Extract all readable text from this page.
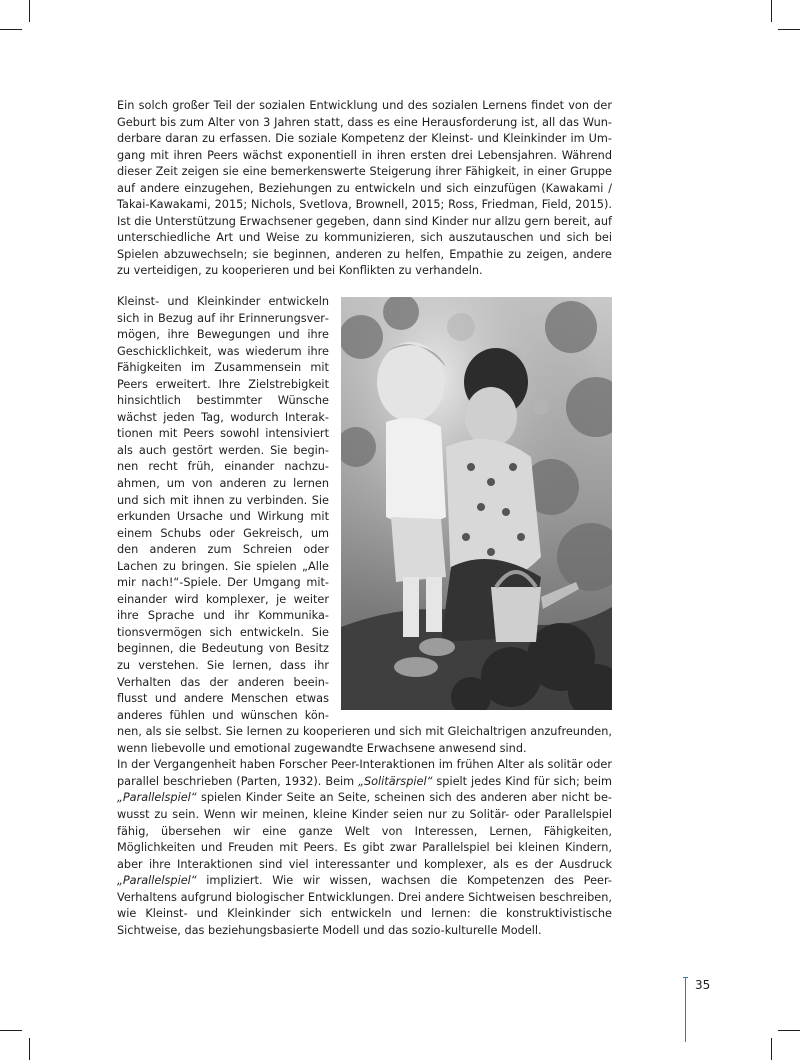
Ein solch großer Teil der sozialen Entwicklung und des sozialen Lernens findet von der Geburt bis zum Alter von 3 Jahren statt, dass es eine Herausforderung ist, all das Wunderbare daran zu erfassen. Die soziale Kompetenz der Kleinst- und Kleinkinder im Umgang mit ihren Peers wächst exponentiell in ihren ersten drei Lebensjahren. Während dieser Zeit zeigen sie eine bemerkenswerte Steigerung ihrer Fähigkeit, in einer Gruppe auf andere einzugehen, Beziehungen zu entwickeln und sich einzufügen (Kawakami / Takai-Kawakami, 2015; Nichols, Svetlova, Brownell, 2015; Ross, Friedman, Field, 2015). Ist die Unterstützung Erwachsener gegeben, dann sind Kinder nur allzu gern bereit, auf unterschiedliche Art und Weise zu kommunizieren, sich auszutauschen und sich bei Spielen abzuwechseln; sie beginnen, anderen zu helfen, Empathie zu zeigen, andere zu verteidigen, zu kooperieren und bei Konflikten zu verhandeln.

Kleinst- und Kleinkinder entwickeln sich in Bezug auf ihr Erinnerungsvermögen, ihre Bewegungen und ihre Geschicklichkeit, was wiederum ihre Fähigkeiten im Zusammensein mit Peers erweitert. Ihre Zielstrebigkeit hinsichtlich bestimmter Wünsche wächst jeden Tag, wodurch Interaktionen mit Peers sowohl intensiviert als auch gestört werden. Sie beginnen recht früh, einander nachzuahmen, um von anderen zu lernen und sich mit ihnen zu verbinden. Sie erkunden Ursache und Wirkung mit einem Schubs oder Gekreisch, um den anderen zum Schreien oder Lachen zu bringen. Sie spielen „Alle mir nach!“-Spiele. Der Umgang miteinander wird komplexer, je weiter ihre Sprache und ihr Kommunikationsvermögen sich entwickeln. Sie beginnen, die Bedeutung von Besitz zu verstehen. Sie lernen, dass ihr Verhalten das der anderen beeinflusst und andere Menschen etwas anderes fühlen und wünschen können, als sie selbst. Sie lernen zu kooperieren und sich mit Gleichaltrigen anzufreunden, wenn liebevolle und emotional zugewandte Erwachsene anwesend sind.

In der Vergangenheit haben Forscher Peer-Interaktionen im frühen Alter als solitär oder parallel beschrieben (Parten, 1932). Beim „Solitärspiel“ spielt jedes Kind für sich; beim „Parallelspiel“ spielen Kinder Seite an Seite, scheinen sich des anderen aber nicht bewusst zu sein. Wenn wir meinen, kleine Kinder seien nur zu Solitär- oder Parallelspiel fähig, übersehen wir eine ganze Welt von Interessen, Lernen, Fähigkeiten, Möglichkeiten und Freuden mit Peers. Es gibt zwar Parallelspiel bei kleinen Kindern, aber ihre Interaktionen sind viel interessanter und komplexer, als es der Ausdruck „Parallelspiel“ impliziert. Wie wir wissen, wachsen die Kompetenzen des Peer-Verhaltens aufgrund biologischer Entwicklungen. Drei andere Sichtweisen beschreiben, wie Kleinst- und Kleinkinder sich entwickeln und lernen: die konstruktivistische Sichtweise, das beziehungsbasierte Modell und das sozio-kulturelle Modell.

35
